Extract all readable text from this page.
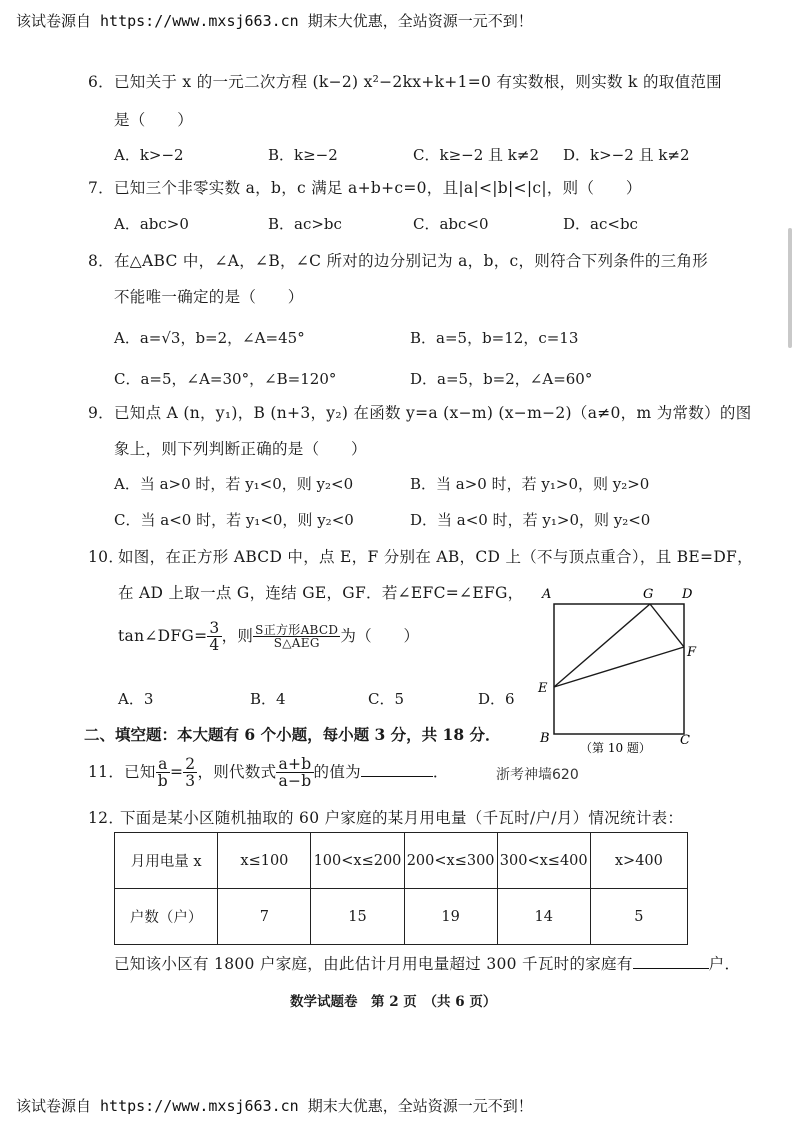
该试卷源自 https://www.mxsj663.cn 期末大优惠，全站资源一元不到！
6． 已知关于 x 的一元二次方程 (k−2) x²−2kx+k+1=0 有实数根，则实数 k 的取值范围
是（　　）
A．k>−2	B．k≥−2	C．k≥−2 且 k≠2 D．k>−2 且 k≠2
7． 已知三个非零实数 a，b，c 满足 a+b+c=0，且|a|<|b|<|c|，则（　　）
A．abc>0	B．ac>bc	C．abc<0	D．ac<bc
8． 在△ABC 中，∠A，∠B，∠C 所对的边分别记为 a，b，c，则符合下列条件的三角形
不能唯一确定的是（　　）
A．a=√3，b=2，∠A=45°	B．a=5，b=12，c=13
C．a=5，∠A=30°，∠B=120°	D．a=5，b=2，∠A=60°
9． 已知点 A (n，y₁)，B (n+3，y₂) 在函数 y=a (x−m) (x−m−2)（a≠0，m 为常数）的图
象上，则下列判断正确的是（　　）
A．当 a>0 时，若 y₁<0，则 y₂<0	B．当 a>0 时，若 y₁>0，则 y₂>0
C．当 a<0 时，若 y₁<0，则 y₂<0	D．当 a<0 时，若 y₁>0，则 y₂<0
10．
如图，在正方形 ABCD 中，点 E，F 分别在 AB，CD 上（不与顶点重合），且 BE=DF，
在 AD 上取一点 G，连结 GE，GF．若∠EFC=∠EFG，
tan∠DFG= $\frac{3}{4}$ ，则 $\frac{\text{S正方形ABCD}}{\text{S△AEG}}$ 为（　　）
A．3	B．4	C．5	D．6
A	G D
F
E
B	C
（第 10 题）
二、填空题：本大题有 6 个小题，每小题 3 分，共 18 分．
11．已知 $\frac{a}{b} = \frac{2}{3}$ ，则代数式 $\frac{a+b}{a-b}$ 的值为	．	浙考神墙620
12．
下面是某小区随机抽取的 60 户家庭的某月用电量（千瓦时/户/月）情况统计表：
月用电量 x	x≤100	100<x≤200	200<x≤300	300<x≤400	x>400
户数（户）	7	15	19	14	5
已知该小区有 1800 户家庭，由此估计月用电量超过 300 千瓦时的家庭有	户．
数学试题卷　第 2 页　（共 6 页）
该试卷源自 https://www.mxsj663.cn 期末大优惠，全站资源一元不到！
